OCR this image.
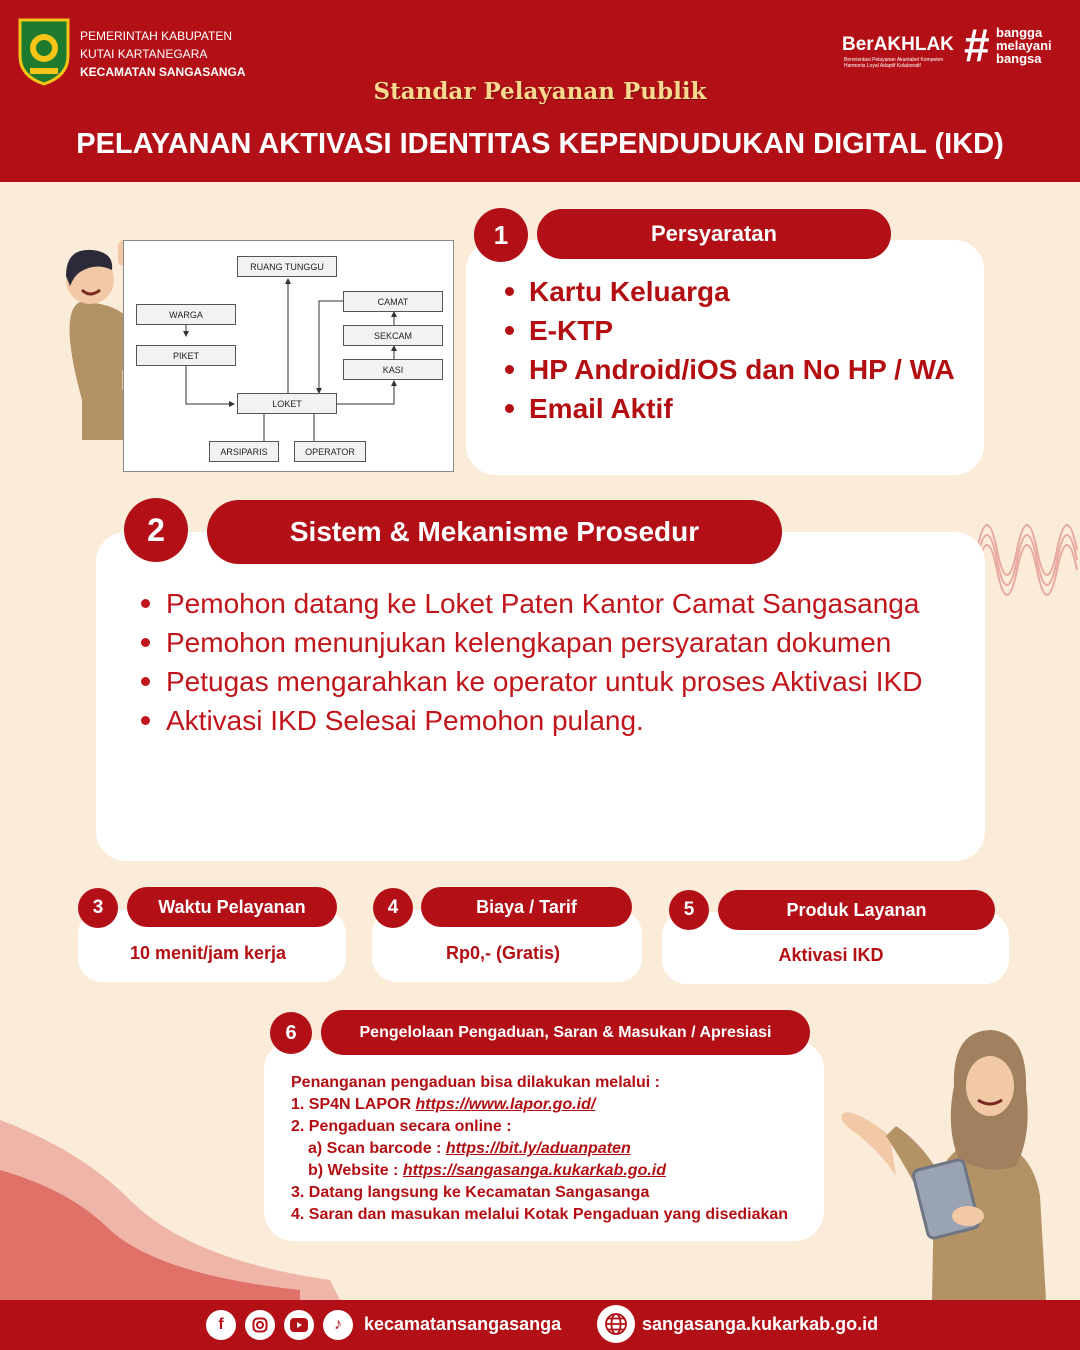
PEMERINTAH KABUPATEN
KUTAI KARTANEGARA
KECAMATAN SANGASANGA
BerAKHLAK
Berorientasi Pelayanan Akuntabel Kompeten
Harmonis Loyal Adaptif Kolaboratif # bangga
melayani
bangsa
Standar Pelayanan Publik
PELAYANAN AKTIVASI IDENTITAS KEPENDUDUKAN DIGITAL (IKD)
RUANG TUNGGU
WARGA
PIKET
LOKET
ARSIPARIS	OPERATOR
CAMAT
SEKCAM
KASI
Persyaratan
1
Kartu Keluarga
E-KTP
HP Android/iOS dan No HP / WA
Email Aktif
Sistem & Mekanisme Prosedur
2
Pemohon datang ke Loket Paten Kantor Camat Sangasanga
Pemohon menunjukan kelengkapan persyaratan dokumen
Petugas mengarahkan ke operator untuk proses Aktivasi IKD
Aktivasi IKD Selesai Pemohon pulang.
Waktu Pelayanan
3
10 menit/jam kerja
Biaya / Tarif
4
Rp0,- (Gratis)
Produk Layanan
5
Aktivasi IKD
Pengelolaan Pengaduan, Saran & Masukan / Apresiasi
6
Penanganan pengaduan bisa dilakukan melalui :
1. SP4N LAPOR https://www.lapor.go.id/
2. Pengaduan secara online :
a) Scan barcode : https://bit.ly/aduanpaten
b) Website : https://sangasanga.kukarkab.go.id
3. Datang langsung ke Kecamatan Sangasanga
4. Saran dan masukan melalui Kotak Pengaduan yang disediakan
f	♪	kecamatansangasanga	sangasanga.kukarkab.go.id
